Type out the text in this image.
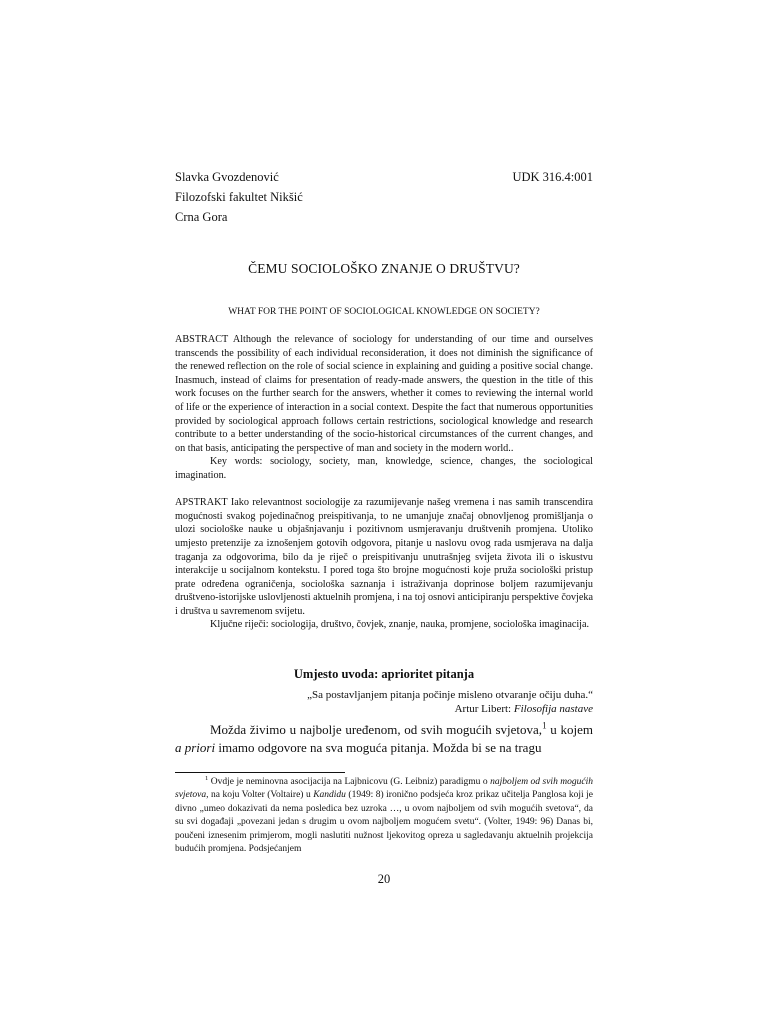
Slavka Gvozdenović
Filozofski fakultet Nikšić
Crna Gora
UDK 316.4:001
ČEMU SOCIOLOŠKO ZNANJE O DRUŠTVU?
WHAT FOR THE POINT OF SOCIOLOGICAL KNOWLEDGE ON SOCIETY?

ABSTRACT Although the relevance of sociology for understanding of our time and ourselves transcends the possibility of each individual reconsideration, it does not diminish the significance of the renewed reflection on the role of social science in explaining and guiding a positive social change. Inasmuch, instead of claims for presentation of ready-made answers, the question in the title of this work focuses on the further search for the answers, whether it comes to reviewing the internal world of life or the experience of interaction in a social context. Despite the fact that numerous opportunities provided by sociological approach follows certain restrictions, sociological knowledge and research contribute to a better understanding of the socio-historical circumstances of the current changes, and on that basis, anticipating the perspective of man and society in the modern world..

Key words: sociology, society, man, knowledge, science, changes, the sociological imagination.

APSTRAKT Iako relevantnost sociologije za razumijevanje našeg vremena i nas samih transcendira mogućnosti svakog pojedinačnog preispitivanja, to ne umanjuje značaj obnovljenog promišljanja o ulozi sociološke nauke u objašnjavanju i pozitivnom usmjeravanju društvenih promjena. Utoliko umjesto pretenzije za iznošenjem gotovih odgovora, pitanje u naslovu ovog rada usmjerava na dalja traganja za odgovorima, bilo da je riječ o preispitivanju unutrašnjeg svijeta života ili o iskustvu interakcije u socijalnom kontekstu. I pored toga što brojne mogućnosti koje pruža sociološki pristup prate određena ograničenja, sociološka saznanja i istraživanja doprinose boljem razumijevanju društveno-istorijske uslovljenosti aktuelnih promjena, i na toj osnovi anticipiranju perspektive čovjeka i društva u savremenom svijetu.

Ključne riječi: sociologija, društvo, čovjek, znanje, nauka, promjene, sociološka imaginacija.

Umjesto uvoda: aprioritet pitanja
„Sa postavljanjem pitanja počinje misleno otvaranje očiju duha.“
Artur Libert: Filosofija nastave

Možda živimo u najbolje uređenom, od svih mogućih svjetova,$^1$ u kojem a priori imamo odgovore na sva moguća pitanja. Možda bi se na tragu

$^1$ Ovdje je neminovna asocijacija na Lajbnicovu (G. Leibniz) paradigmu o najboljem od svih mogućih svjetova, na koju Volter (Voltaire) u Kandidu (1949: 8) ironično podsjeća kroz prikaz učitelja Panglosa koji je divno „umeo dokazivati da nema posledica bez uzroka …, u ovom najboljem od svih mogućih svetova“, da su svi događaji „povezani jedan s drugim u ovom najboljem mogućem svetu“. (Volter, 1949: 96) Danas bi, poučeni iznesenim primjerom, mogli naslutiti nužnost ljekovitog opreza u sagledavanju aktuelnih projekcija budućih promjena. Podsjećanjem

20
